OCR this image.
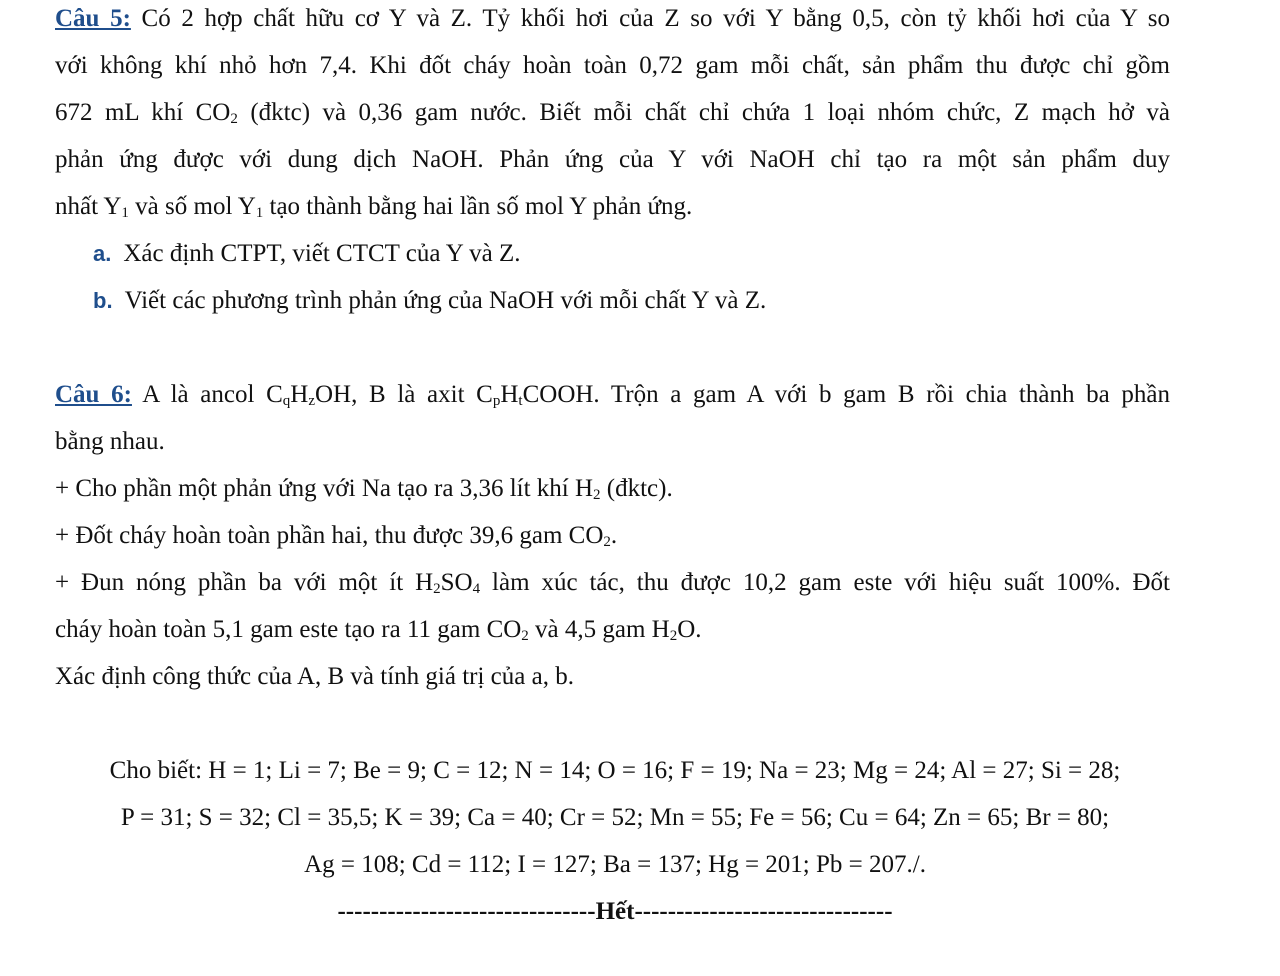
Câu 5: Có 2 hợp chất hữu cơ Y và Z. Tỷ khối hơi của Z so với Y bằng 0,5, còn tỷ khối hơi của Y so
với không khí nhỏ hơn 7,4. Khi đốt cháy hoàn toàn 0,72 gam mỗi chất, sản phẩm thu được chỉ gồm
672 mL khí $CO_2$ (đktc) và 0,36 gam nước. Biết mỗi chất chỉ chứa 1 loại nhóm chức, Z mạch hở và
phản ứng được với dung dịch NaOH. Phản ứng của Y với NaOH chỉ tạo ra một sản phẩm duy
nhất $Y_1$ và số mol $Y_1$ tạo thành bằng hai lần số mol Y phản ứng.
a. Xác định CTPT, viết CTCT của Y và Z.
b. Viết các phương trình phản ứng của NaOH với mỗi chất Y và Z.
Câu 6: A là ancol $C_qH_zOH$, B là axit $C_pH_tCOOH$. Trộn a gam A với b gam B rồi chia thành ba phần
bằng nhau.
+ Cho phần một phản ứng với Na tạo ra 3,36 lít khí $H_2$ (đktc).
+ Đốt cháy hoàn toàn phần hai, thu được 39,6 gam $CO_2$.
+ Đun nóng phần ba với một ít $H_2SO_4$ làm xúc tác, thu được 10,2 gam este với hiệu suất 100%. Đốt
cháy hoàn toàn 5,1 gam este tạo ra 11 gam $CO_2$ và 4,5 gam $H_2O$.
Xác định công thức của A, B và tính giá trị của a, b.
Cho biết: H = 1; Li = 7; Be = 9; C = 12; N = 14; O = 16; F = 19; Na = 23; Mg = 24; Al = 27; Si = 28;
P = 31; S = 32; Cl = 35,5; K = 39; Ca = 40; Cr = 52; Mn = 55; Fe = 56; Cu = 64; Zn = 65; Br = 80;
Ag = 108; Cd = 112; I = 127; Ba = 137; Hg = 201; Pb = 207./.
-------------------------------Hết-------------------------------
